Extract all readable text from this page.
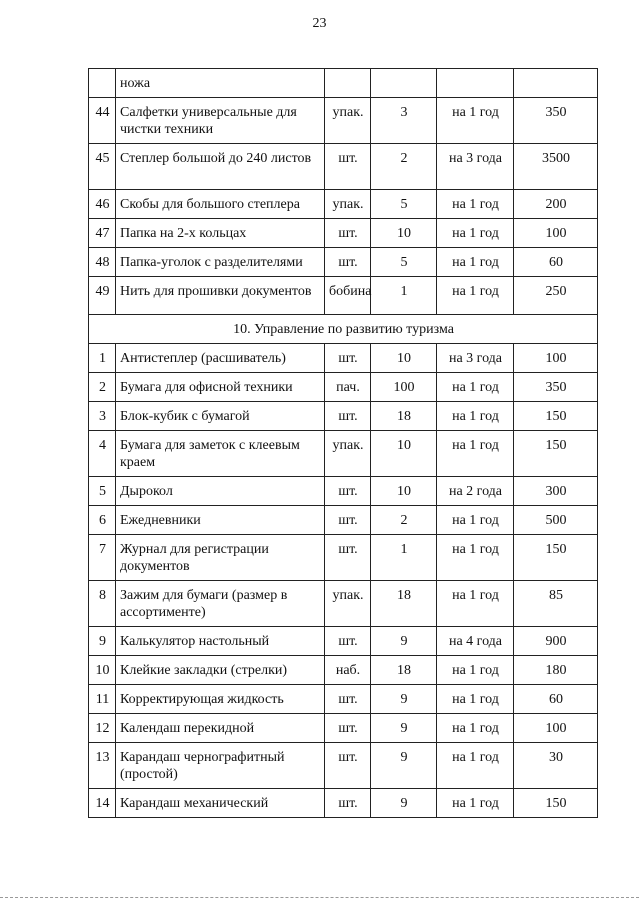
23
	ножа				
44	Салфетки универсальные для чистки техники	упак.	3	на 1 год	350
45	Степлер большой до 240 листов	шт.	2	на 3 года	3500
46	Скобы для большого степлера	упак.	5	на 1 год	200
47	Папка на 2-х кольцах	шт.	10	на 1 год	100
48	Папка-уголок с разделителями	шт.	5	на 1 год	60
49	Нить для прошивки документов	бобина	1	на 1 год	250
10. Управление по развитию туризма					
1	Антистеплер (расшиватель)	шт.	10	на 3 года	100
2	Бумага для офисной техники	пач.	100	на 1 год	350
3	Блок-кубик с бумагой	шт.	18	на 1 год	150
4	Бумага для заметок с клеевым краем	упак.	10	на 1 год	150
5	Дырокол	шт.	10	на 2 года	300
6	Ежедневники	шт.	2	на 1 год	500
7	Журнал для регистрации документов	шт.	1	на 1 год	150
8	Зажим для бумаги (размер в ассортименте)	упак.	18	на 1 год	85
9	Калькулятор настольный	шт.	9	на 4 года	900
10	Клейкие закладки (стрелки)	наб.	18	на 1 год	180
11	Корректирующая жидкость	шт.	9	на 1 год	60
12	Календаш перекидной	шт.	9	на 1 год	100
13	Карандаш чернографитный (простой)	шт.	9	на 1 год	30
14	Карандаш механический	шт.	9	на 1 год	150
